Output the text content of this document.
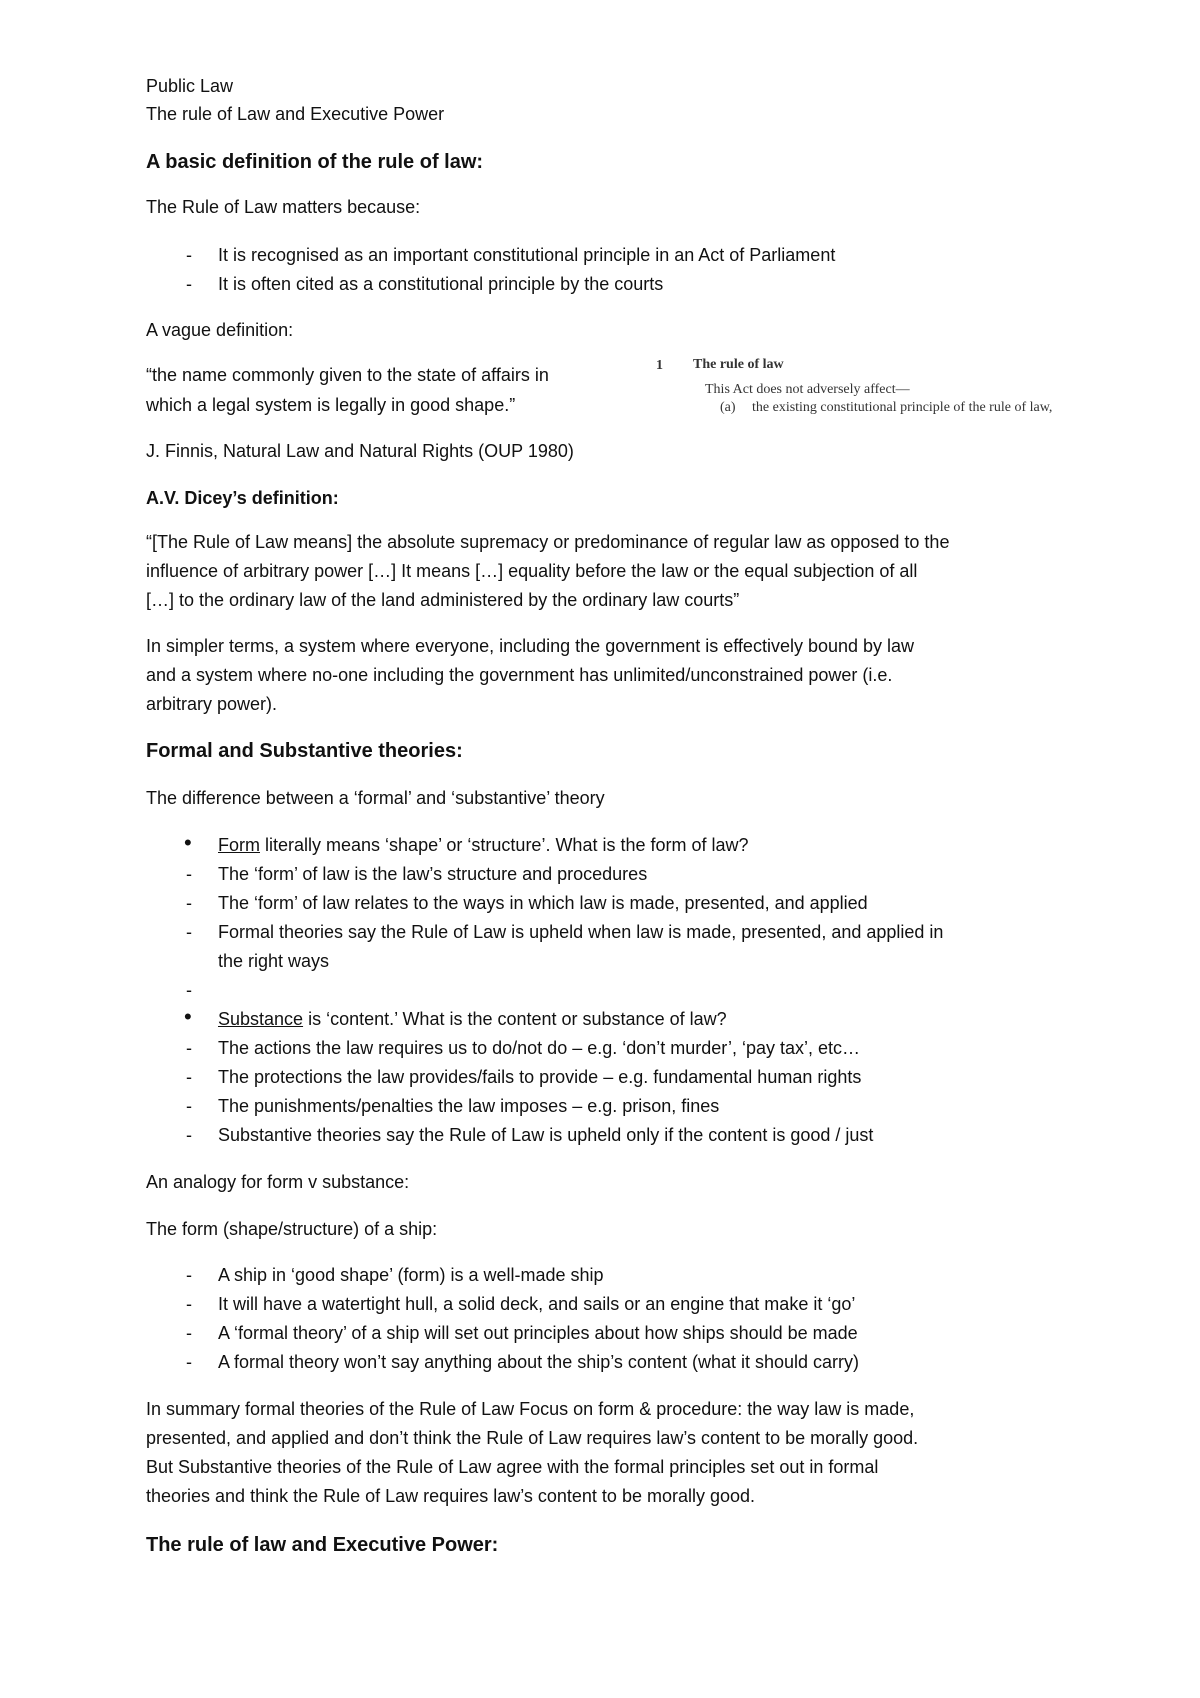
Public Law
The rule of Law and Executive Power
A basic definition of the rule of law:
The Rule of Law matters because:
- It is recognised as an important constitutional principle in an Act of Parliament
- It is often cited as a constitutional principle by the courts
A vague definition:
“the name commonly given to the state of affairs in
which a legal system is legally in good shape.”
J. Finnis, Natural Law and Natural Rights (OUP 1980)
1 The rule of law
This Act does not adversely affect—
(a) the existing constitutional principle of the rule of law,
A.V. Dicey’s definition:
“[The Rule of Law means] the absolute supremacy or predominance of regular law as opposed to the
influence of arbitrary power […] It means […] equality before the law or the equal subjection of all
[…] to the ordinary law of the land administered by the ordinary law courts”
In simpler terms, a system where everyone, including the government is effectively bound by law
and a system where no-one including the government has unlimited/unconstrained power (i.e.
arbitrary power).
Formal and Substantive theories:
The difference between a ‘formal’ and ‘substantive’ theory
• Form literally means ‘shape’ or ‘structure’. What is the form of law?
- The ‘form’ of law is the law’s structure and procedures
- The ‘form’ of law relates to the ways in which law is made, presented, and applied
- Formal theories say the Rule of Law is upheld when law is made, presented, and applied in
the right ways
-
• Substance is ‘content.’ What is the content or substance of law?
- The actions the law requires us to do/not do – e.g. ‘don’t murder’, ‘pay tax’, etc…
- The protections the law provides/fails to provide – e.g. fundamental human rights
- The punishments/penalties the law imposes – e.g. prison, fines
- Substantive theories say the Rule of Law is upheld only if the content is good / just
An analogy for form v substance:
The form (shape/structure) of a ship:
- A ship in ‘good shape’ (form) is a well-made ship
- It will have a watertight hull, a solid deck, and sails or an engine that make it ‘go’
- A ‘formal theory’ of a ship will set out principles about how ships should be made
- A formal theory won’t say anything about the ship’s content (what it should carry)
In summary formal theories of the Rule of Law Focus on form & procedure: the way law is made,
presented, and applied and don’t think the Rule of Law requires law’s content to be morally good.
But Substantive theories of the Rule of Law agree with the formal principles set out in formal
theories and think the Rule of Law requires law’s content to be morally good.
The rule of law and Executive Power:
